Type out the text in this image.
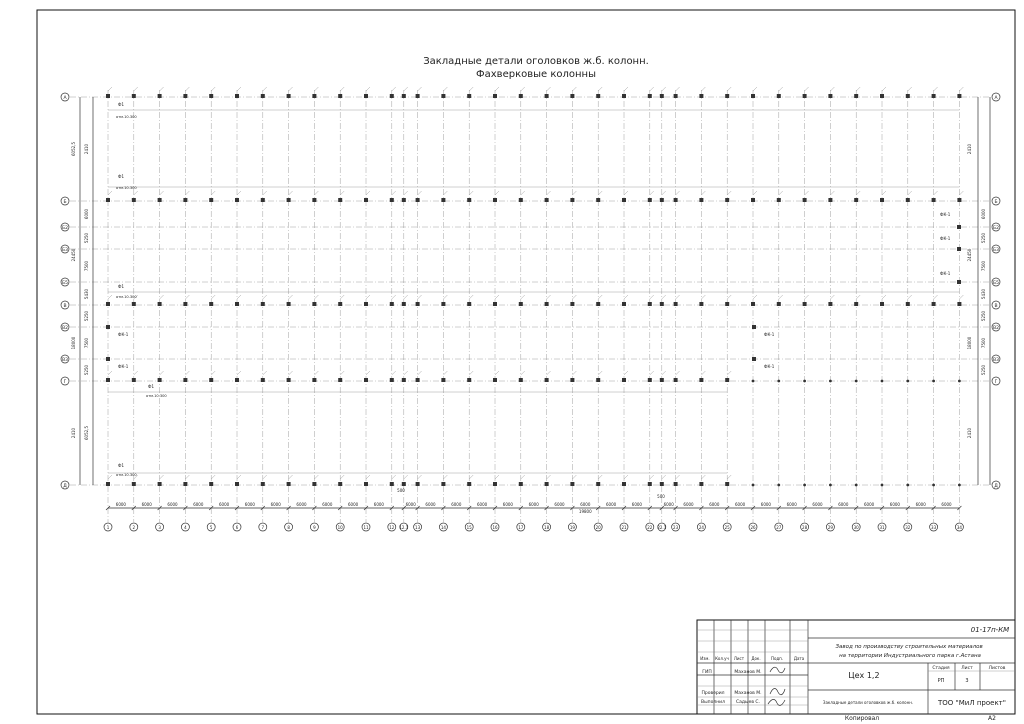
Закладные детали оголовков ж.б. колонн.
Фахверковые колонны
А	А
Б	Б
Б2	Б2
Б3	Б3
Б5	Б5
В	В
В2	В2
В3	В3
Г	Г
Д	Д
1	2	3	4	5	6	7	8	9	10	11	12 12.1 13	14	15	16	17	18	19	20	21	22 22.1 23	24	25	26	27	28	29	30	31	32	33	34
Ф1
отм.10.300
Ф1
отм.10.300
Ф1
отм.10.300
Ф1
отм.10.300
Ф1
отм.10.300
ФК-1
ФК-1
ФК-1
ФК-1
ФК-1
ФК-1
ФК-1
6000	6000	6000	6000	6000	6000	6000	6000	6000	6000	6000	6000 6000	6000	6000	6000	6000	6000	6000	6000	6000	6000 6000	6000	6000	6000	6000	6000	6000	6000	6000	6000	6000
19800
500
500
6052,5 2410
6000
5250
24450
7500
5430
5250
18000 7500
5250
2410 6052,5
2410
6000
5250
24450
7500
5430
5250
18000 7500
5250
2410
01-17п-КМ
Завод по производству строительных материалов на территории Индустриального парка г.Астана
Цех 1,2
Закладные детали оголовков ж.б. колонн.
Стадия	Лист	Листов
РП	3
ТОО "МиЛ проект"
Изм. Кол.уч Лист Док.	Подп.	Дата
ГИП	Маханов М.
Проверил Маханов М.
Выполнил Садыев С.
Копировал	А2
